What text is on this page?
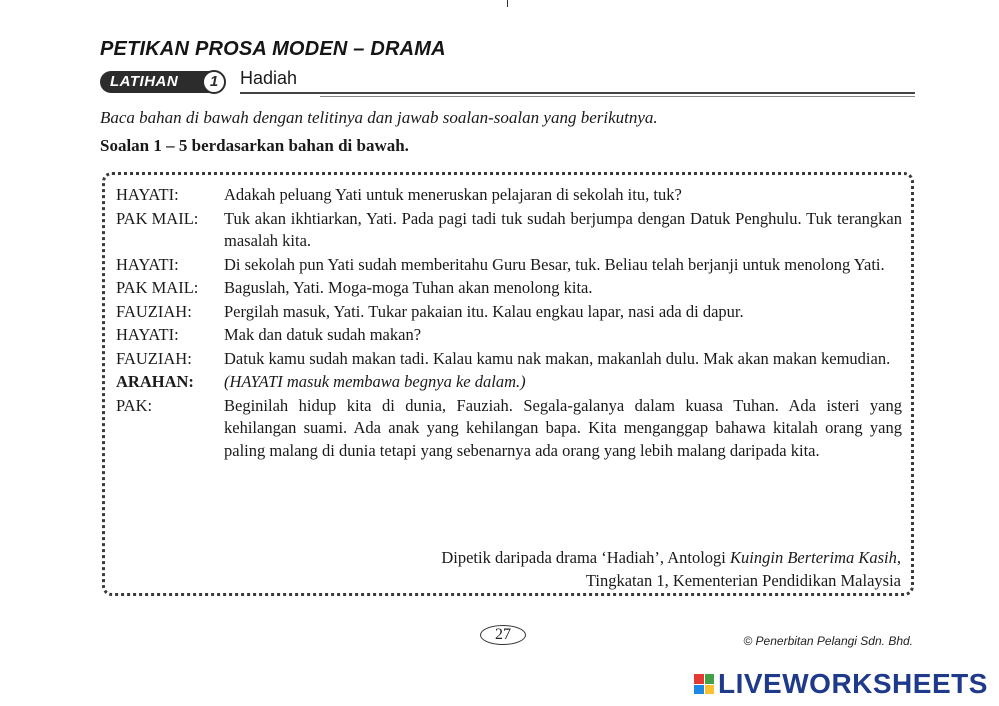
PETIKAN PROSA MODEN – DRAMA
LATIHAN	1	Hadiah
Baca bahan di bawah dengan telitinya dan jawab soalan-soalan yang berikutnya.
Soalan 1 – 5 berdasarkan bahan di bawah.
HAYATI:	Adakah peluang Yati untuk meneruskan pelajaran di sekolah itu, tuk?
PAK MAIL:	Tuk akan ikhtiarkan, Yati. Pada pagi tadi tuk sudah berjumpa dengan Datuk Penghulu. Tuk terangkan masalah kita.
HAYATI:	Di sekolah pun Yati sudah memberitahu Guru Besar, tuk. Beliau telah berjanji untuk menolong Yati.
PAK MAIL:	Baguslah, Yati. Moga-moga Tuhan akan menolong kita.
FAUZIAH:	Pergilah masuk, Yati. Tukar pakaian itu. Kalau engkau lapar, nasi ada di dapur.
HAYATI:	Mak dan datuk sudah makan?
FAUZIAH:	Datuk kamu sudah makan tadi. Kalau kamu nak makan, makanlah dulu. Mak akan makan kemudian.
ARAHAN:	(HAYATI masuk membawa begnya ke dalam.)
PAK:	Beginilah hidup kita di dunia, Fauziah. Segala-galanya dalam kuasa Tuhan. Ada isteri yang kehilangan suami. Ada anak yang kehilangan bapa. Kita menganggap bahawa kitalah orang yang paling malang di dunia tetapi yang sebenarnya ada orang yang lebih malang daripada kita.
Dipetik daripada drama ‘Hadiah’, Antologi Kuingin Berterima Kasih,
Tingkatan 1, Kementerian Pendidikan Malaysia
27	© Penerbitan Pelangi Sdn. Bhd.
LIVEWORKSHEETS
